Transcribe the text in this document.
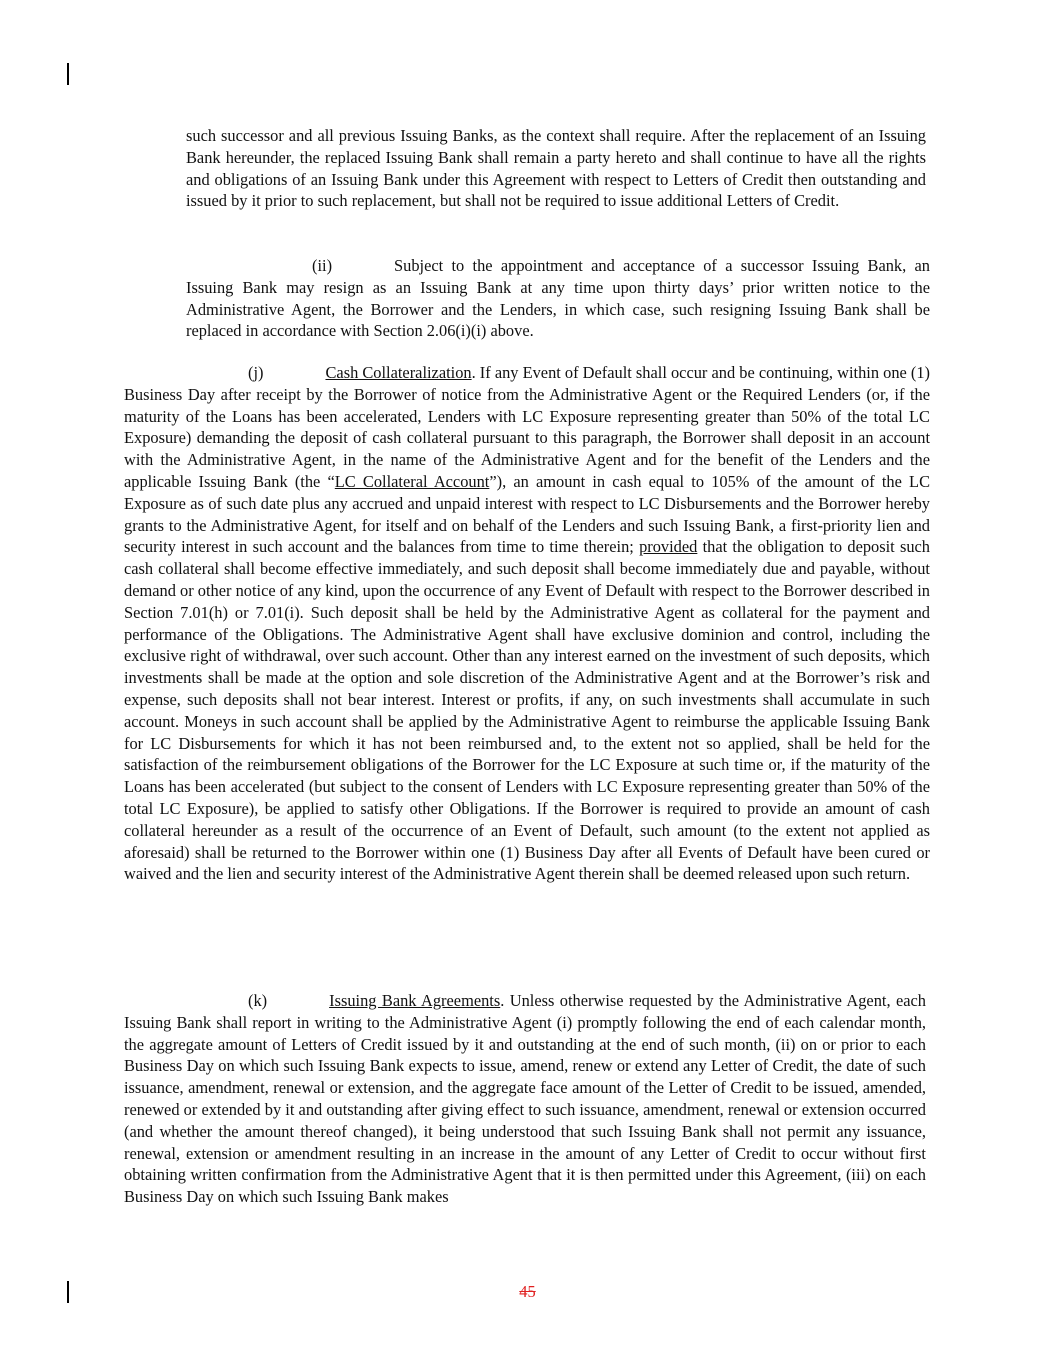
such successor and all previous Issuing Banks, as the context shall require. After the replacement of an Issuing Bank hereunder, the replaced Issuing Bank shall remain a party hereto and shall continue to have all the rights and obligations of an Issuing Bank under this Agreement with respect to Letters of Credit then outstanding and issued by it prior to such replacement, but shall not be required to issue additional Letters of Credit.

(ii)	Subject to the appointment and acceptance of a successor Issuing Bank, an Issuing Bank may resign as an Issuing Bank at any time upon thirty days’ prior written notice to the Administrative Agent, the Borrower and the Lenders, in which case, such resigning Issuing Bank shall be replaced in accordance with Section 2.06(i)(i) above.

(j)	Cash Collateralization. If any Event of Default shall occur and be continuing, within one (1) Business Day after receipt by the Borrower of notice from the Administrative Agent or the Required Lenders (or, if the maturity of the Loans has been accelerated, Lenders with LC Exposure representing greater than 50% of the total LC Exposure) demanding the deposit of cash collateral pursuant to this paragraph, the Borrower shall deposit in an account with the Administrative Agent, in the name of the Administrative Agent and for the benefit of the Lenders and the applicable Issuing Bank (the “LC Collateral Account”), an amount in cash equal to 105% of the amount of the LC Exposure as of such date plus any accrued and unpaid interest with respect to LC Disbursements and the Borrower hereby grants to the Administrative Agent, for itself and on behalf of the Lenders and such Issuing Bank, a first-priority lien and security interest in such account and the balances from time to time therein; provided that the obligation to deposit such cash collateral shall become effective immediately, and such deposit shall become immediately due and payable, without demand or other notice of any kind, upon the occurrence of any Event of Default with respect to the Borrower described in Section 7.01(h) or 7.01(i). Such deposit shall be held by the Administrative Agent as collateral for the payment and performance of the Obligations. The Administrative Agent shall have exclusive dominion and control, including the exclusive right of withdrawal, over such account. Other than any interest earned on the investment of such deposits, which investments shall be made at the option and sole discretion of the Administrative Agent and at the Borrower’s risk and expense, such deposits shall not bear interest. Interest or profits, if any, on such investments shall accumulate in such account. Moneys in such account shall be applied by the Administrative Agent to reimburse the applicable Issuing Bank for LC Disbursements for which it has not been reimbursed and, to the extent not so applied, shall be held for the satisfaction of the reimbursement obligations of the Borrower for the LC Exposure at such time or, if the maturity of the Loans has been accelerated (but subject to the consent of Lenders with LC Exposure representing greater than 50% of the total LC Exposure), be applied to satisfy other Obligations. If the Borrower is required to provide an amount of cash collateral hereunder as a result of the occurrence of an Event of Default, such amount (to the extent not applied as aforesaid) shall be returned to the Borrower within one (1) Business Day after all Events of Default have been cured or waived and the lien and security interest of the Administrative Agent therein shall be deemed released upon such return.

(k)	Issuing Bank Agreements. Unless otherwise requested by the Administrative Agent, each Issuing Bank shall report in writing to the Administrative Agent (i) promptly following the end of each calendar month, the aggregate amount of Letters of Credit issued by it and outstanding at the end of such month, (ii) on or prior to each Business Day on which such Issuing Bank expects to issue, amend, renew or extend any Letter of Credit, the date of such issuance, amendment, renewal or extension, and the aggregate face amount of the Letter of Credit to be issued, amended, renewed or extended by it and outstanding after giving effect to such issuance, amendment, renewal or extension occurred (and whether the amount thereof changed), it being understood that such Issuing Bank shall not permit any issuance, renewal, extension or amendment resulting in an increase in the amount of any Letter of Credit to occur without first obtaining written confirmation from the Administrative Agent that it is then permitted under this Agreement, (iii) on each Business Day on which such Issuing Bank makes

45
